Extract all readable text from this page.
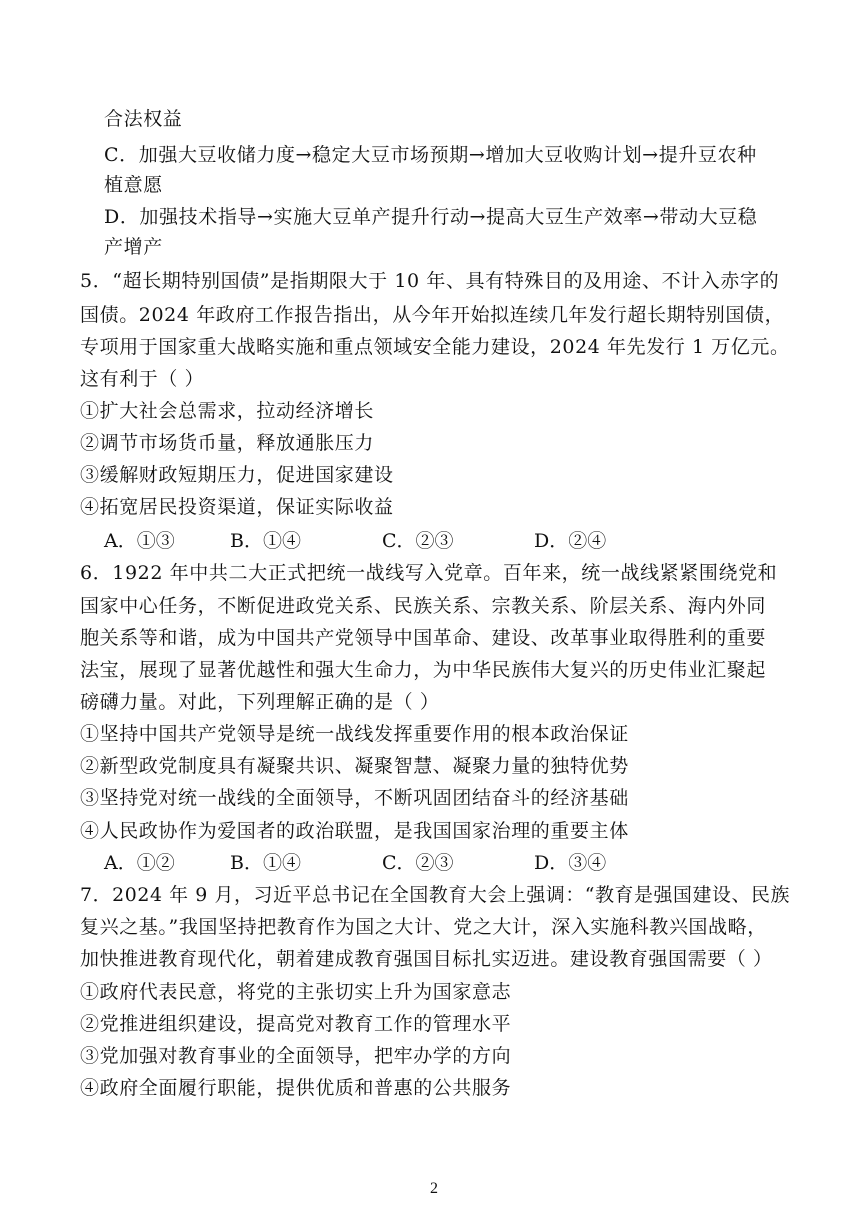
合法权益
C．加强大豆收储力度→稳定大豆市场预期→增加大豆收购计划→提升豆农种
植意愿
D．加强技术指导→实施大豆单产提升行动→提高大豆生产效率→带动大豆稳
产增产
5．“超长期特别国债”是指期限大于 10 年、具有特殊目的及用途、不计入赤字的
国债。2024 年政府工作报告指出，从今年开始拟连续几年发行超长期特别国债，
专项用于国家重大战略实施和重点领域安全能力建设，2024 年先发行 1 万亿元。
这有利于（ ）
①扩大社会总需求，拉动经济增长
②调节市场货币量，释放通胀压力
③缓解财政短期压力，促进国家建设
④拓宽居民投资渠道，保证实际收益
A．①③	B．①④	C．②③	D．②④
6．1922 年中共二大正式把统一战线写入党章。百年来，统一战线紧紧围绕党和
国家中心任务，不断促进政党关系、民族关系、宗教关系、阶层关系、海内外同
胞关系等和谐，成为中国共产党领导中国革命、建设、改革事业取得胜利的重要
法宝，展现了显著优越性和强大生命力，为中华民族伟大复兴的历史伟业汇聚起
磅礴力量。对此，下列理解正确的是（ ）
①坚持中国共产党领导是统一战线发挥重要作用的根本政治保证
②新型政党制度具有凝聚共识、凝聚智慧、凝聚力量的独特优势
③坚持党对统一战线的全面领导，不断巩固团结奋斗的经济基础
④人民政协作为爱国者的政治联盟，是我国国家治理的重要主体
A．①②	B．①④	C．②③	D．③④
7．2024 年 9 月，习近平总书记在全国教育大会上强调：“教育是强国建设、民族
复兴之基。”我国坚持把教育作为国之大计、党之大计，深入实施科教兴国战略，
加快推进教育现代化，朝着建成教育强国目标扎实迈进。建设教育强国需要（ ）
①政府代表民意，将党的主张切实上升为国家意志
②党推进组织建设，提高党对教育工作的管理水平
③党加强对教育事业的全面领导，把牢办学的方向
④政府全面履行职能，提供优质和普惠的公共服务
2
